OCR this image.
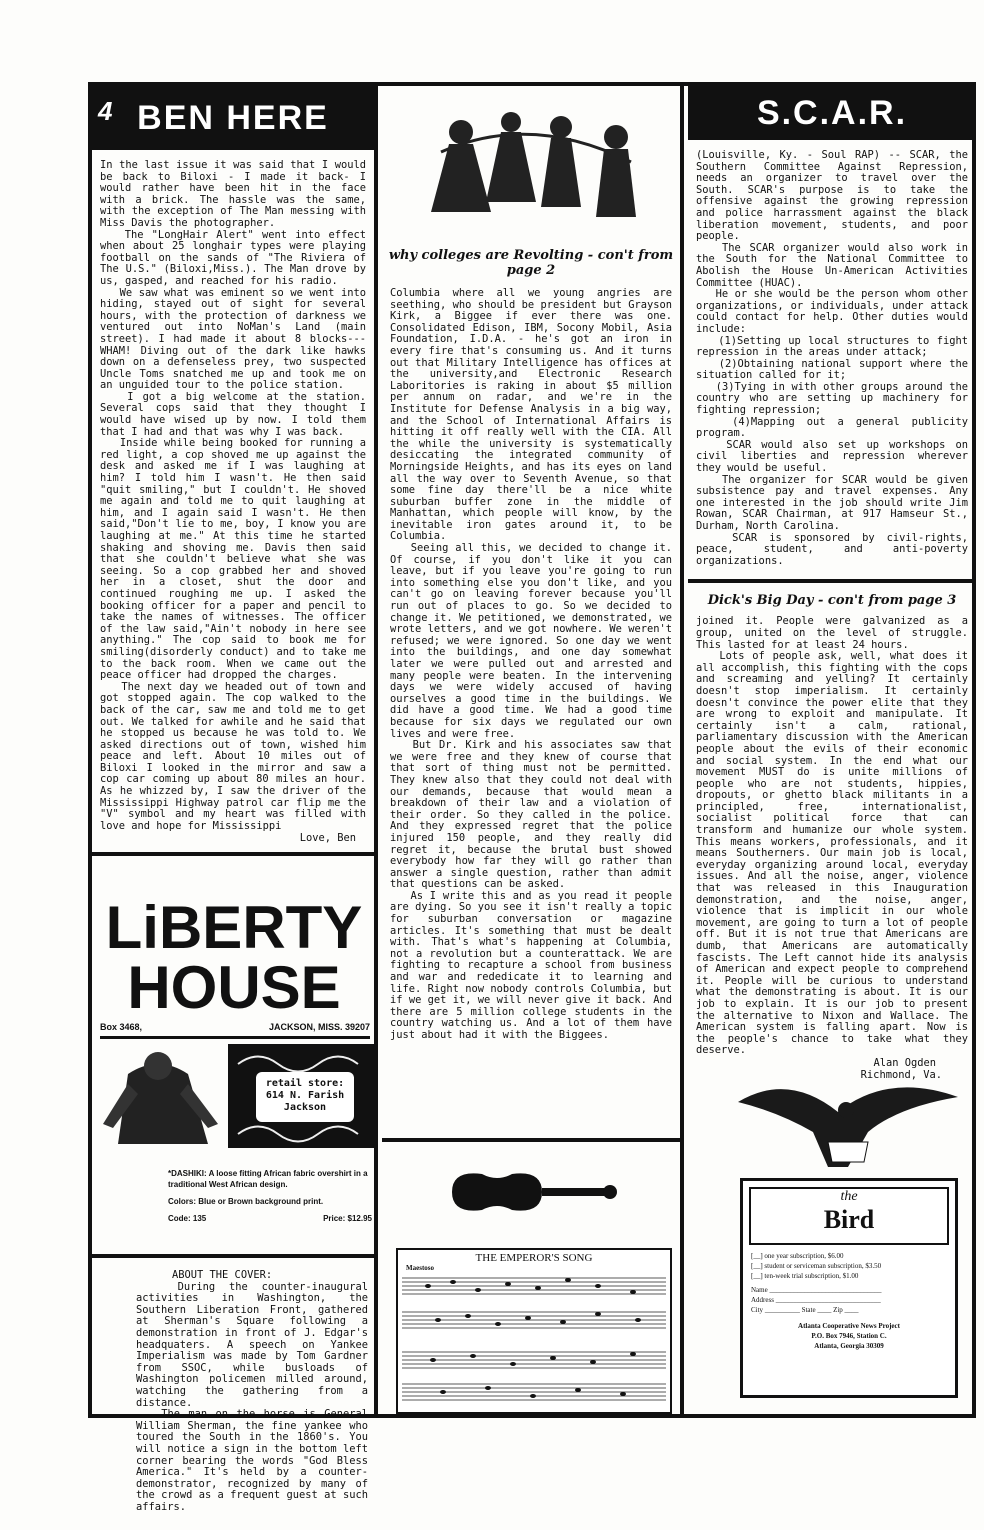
4 BEN HERE
In the last issue it was said that I would be back to Biloxi - I made it back- I would rather have been hit in the face with a brick. The hassle was the same, with the exception of The Man messing with Miss Davis the photographer.
The "LongHair Alert" went into effect when about 25 longhair types were playing football on the sands of "The Riviera of The U.S." (Biloxi,Miss.). The Man drove by us, gasped, and reached for his radio.
We saw what was eminent so we went into hiding, stayed out of sight for several hours, with the protection of darkness we ventured out into NoMan's Land (main street). I had made it about 8 blocks---WHAM! Diving out of the dark like hawks down on a defenseless prey, two suspected Uncle Toms snatched me up and took me on an unguided tour to the police station.
I got a big welcome at the station. Several cops said that they thought I would have wised up by now. I told them that I had and that was why I was back.
Inside while being booked for running a red light, a cop shoved me up against the desk and asked me if I was laughing at him? I told him I wasn't. He then said "quit smiling," but I couldn't. He shoved me again and told me to quit laughing at him, and I again said I wasn't. He then said,"Don't lie to me, boy, I know you are laughing at me." At this time he started shaking and shoving me. Davis then said that she couldn't believe what she was seeing. So a cop grabbed her and shoved her in a closet, shut the door and continued roughing me up. I asked the booking officer for a paper and pencil to take the names of witnesses. The officer of the law said,"Ain't nobody in here see anything." The cop said to book me for smiling(disorderly conduct) and to take me to the back room. When we came out the peace officer had dropped the charges.
The next day we headed out of town and got stopped again. The cop walked to the back of the car, saw me and told me to get out. We talked for awhile and he said that he stopped us because he was told to. We asked directions out of town, wished him peace and left. About 10 miles out of Biloxi I looked in the mirror and saw a cop car coming up about 80 miles an hour. As he whizzed by, I saw the driver of the Mississippi Highway patrol car flip me the "V" symbol and my heart was filled with love and hope for Mississippi
Love, Ben
LiBERTY
HOUSE
Box 3468,	JACKSON, MISS. 39207
retail store:
614 N. Farish
Jackson
*DASHIKI: A loose fitting African fabric overshirt in a traditional West African design.
Colors: Blue or Brown background print.
Code: 135	Price: $12.95
ABOUT THE COVER:
During the counter-inaugural activities in Washington, the Southern Liberation Front, gathered at Sherman's Square following a demonstration in front of J. Edgar's headquaters. A speech on Yankee Imperialism was made by Tom Gardner from SSOC, while busloads of Washington policemen milled around, watching the gathering from a distance.
The man on the horse is General William Sherman, the fine yankee who toured the South in the 1860's. You will notice a sign in the bottom left corner bearing the words "God Bless America." It's held by a counter-demonstrator, recognized by many of the crowd as a frequent guest at such affairs.
why colleges are Revolting - con't from page 2
Columbia where all we young angries are seething, who should be president but Grayson Kirk, a Biggee if ever there was one. Consolidated Edison, IBM, Socony Mobil, Asia Foundation, I.D.A. - he's got an iron in every fire that's consuming us. And it turns out that Military Intelligence has offices at the university,and Electronic Research Laboritories is raking in about $5 million per annum on radar, and we're in the Institute for Defense Analysis in a big way, and the School of International Affairs is hitting it off really well with the CIA. All the while the university is systematically desiccating the integrated community of Morningside Heights, and has its eyes on land all the way over to Seventh Avenue, so that some fine day there'll be a nice white suburban buffer zone in the middle of Manhattan, which people will know, by the inevitable iron gates around it, to be Columbia.
Seeing all this, we decided to change it. Of course, if you don't like it you can leave, but if you leave you're going to run into something else you don't like, and you can't go on leaving forever because you'll run out of places to go. So we decided to change it. We petitioned, we demonstrated, we wrote letters, and we got nowhere. We weren't refused; we were ignored. So one day we went into the buildings, and one day somewhat later we were pulled out and arrested and many people were beaten. In the intervening days we were widely accused of having ourselves a good time in the buildings. We did have a good time. We had a good time because for six days we regulated our own lives and were free.
But Dr. Kirk and his associates saw that we were free and they knew of course that that sort of thing must not be permitted. They knew also that they could not deal with our demands, because that would mean a breakdown of their law and a violation of their order. So they called in the police. And they expressed regret that the police injured 150 people, and they really did regret it, because the brutal bust showed everybody how far they will go rather than answer a single question, rather than admit that questions can be asked.
As I write this and as you read it people are dying. So you see it isn't really a topic for suburban conversation or magazine articles. It's something that must be dealt with. That's what's happening at Columbia, not a revolution but a counterattack. We are fighting to recapture a school from business and war and rededicate it to learning and life. Right now nobody controls Columbia, but if we get it, we will never give it back. And there are 5 million college students in the country watching us. And a lot of them have just about had it with the Biggees.
THE EMPEROR'S SONG
Maestoso
S.C.A.R.
(Louisville, Ky. - Soul RAP) -- SCAR, the Southern Committee Against Repression, needs an organizer to travel over the South. SCAR's purpose is to take the offensive against the growing repression and police harrassment against the black liberation movement, students, and poor people.
The SCAR organizer would also work in the South for the National Committee to Abolish the House Un-American Activities Committee (HUAC).
He or she would be the person whom other organizations, or individuals, under attack could contact for help. Other duties would include:
(1)Setting up local structures to fight repression in the areas under attack;
(2)Obtaining national support where the situation called for it;
(3)Tying in with other groups around the country who are setting up machinery for fighting repression;
(4)Mapping out a general publicity program.
SCAR would also set up workshops on civil liberties and repression wherever they would be useful.
The organizer for SCAR would be given subsistence pay and travel expenses. Any one interested in the job should write Jim Rowan, SCAR Chairman, at 917 Hamseur St., Durham, North Carolina.
SCAR is sponsored by civil-rights, peace, student, and anti-poverty organizations.
Dick's Big Day - con't from page 3
joined it. People were galvanized as a group, united on the level of struggle. This lasted for at least 24 hours.
Lots of people ask, well, what does it all accomplish, this fighting with the cops and screaming and yelling? It certainly doesn't stop imperialism. It certainly doesn't convince the power elite that they are wrong to exploit and manipulate. It certainly isn't a calm, rational, parliamentary discussion with the American people about the evils of their economic and social system. In the end what our movement MUST do is unite millions of people who are not students, hippies, dropouts, or ghetto black militants in a principled, free, internationalist, socialist political force that can transform and humanize our whole system. This means workers, professionals, and it means Southerners. Our main job is local, everyday organizing around local, everyday issues. And all the noise, anger, violence that was released in this Inauguration demonstration, and the noise, anger, violence that is implicit in our whole movement, are going to turn a lot of people off. But it is not true that Americans are dumb, that Americans are automatically fascists. The Left cannot hide its analysis of American and expect people to comprehend it. People will be curious to understand what the demonstrating is about. It is our job to explain. It is our job to present the alternative to Nixon and Wallace. The American system is falling apart. Now is the people's chance to take what they deserve.
Alan Ogden
Richmond, Va.
the
Bird
[__] one year subscription, $6.00
[__] student or serviceman subscription, $3.50
[__] ten-week trial subscription, $1.00
Name ________________________________
Address ______________________________
City __________ State ____ Zip ____
Atlanta Cooperative News Project
P.O. Box 7946, Station C.
Atlanta, Georgia 30309
